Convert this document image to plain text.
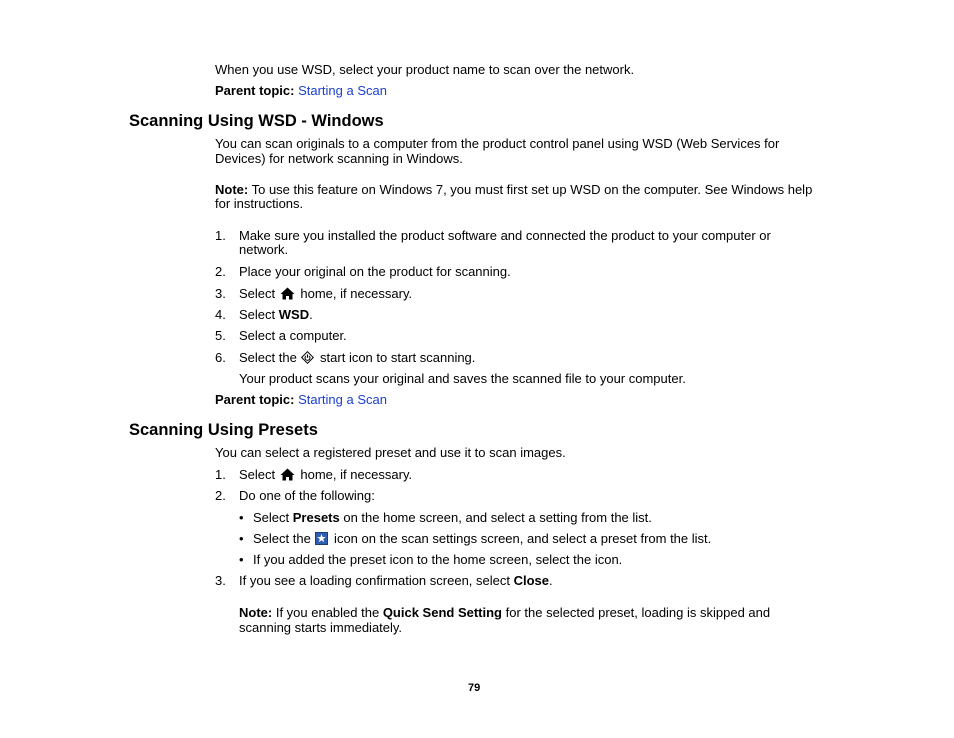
When you use WSD, select your product name to scan over the network.
Parent topic: Starting a Scan
Scanning Using WSD - Windows
You can scan originals to a computer from the product control panel using WSD (Web Services for
Devices) for network scanning in Windows.
Note: To use this feature on Windows 7, you must first set up WSD on the computer. See Windows help
for instructions.
1. Make sure you installed the product software and connected the product to your computer or
network.
2. Place your original on the product for scanning.
3. Select  home, if necessary.
4. Select WSD.
5. Select a computer.
6. Select the  start icon to start scanning.
Your product scans your original and saves the scanned file to your computer.
Parent topic: Starting a Scan
Scanning Using Presets
You can select a registered preset and use it to scan images.
1. Select  home, if necessary.
2. Do one of the following:
• Select Presets on the home screen, and select a setting from the list.
• Select the  icon on the scan settings screen, and select a preset from the list.
• If you added the preset icon to the home screen, select the icon.
3. If you see a loading confirmation screen, select Close.
Note: If you enabled the Quick Send Setting for the selected preset, loading is skipped and
scanning starts immediately.
79
